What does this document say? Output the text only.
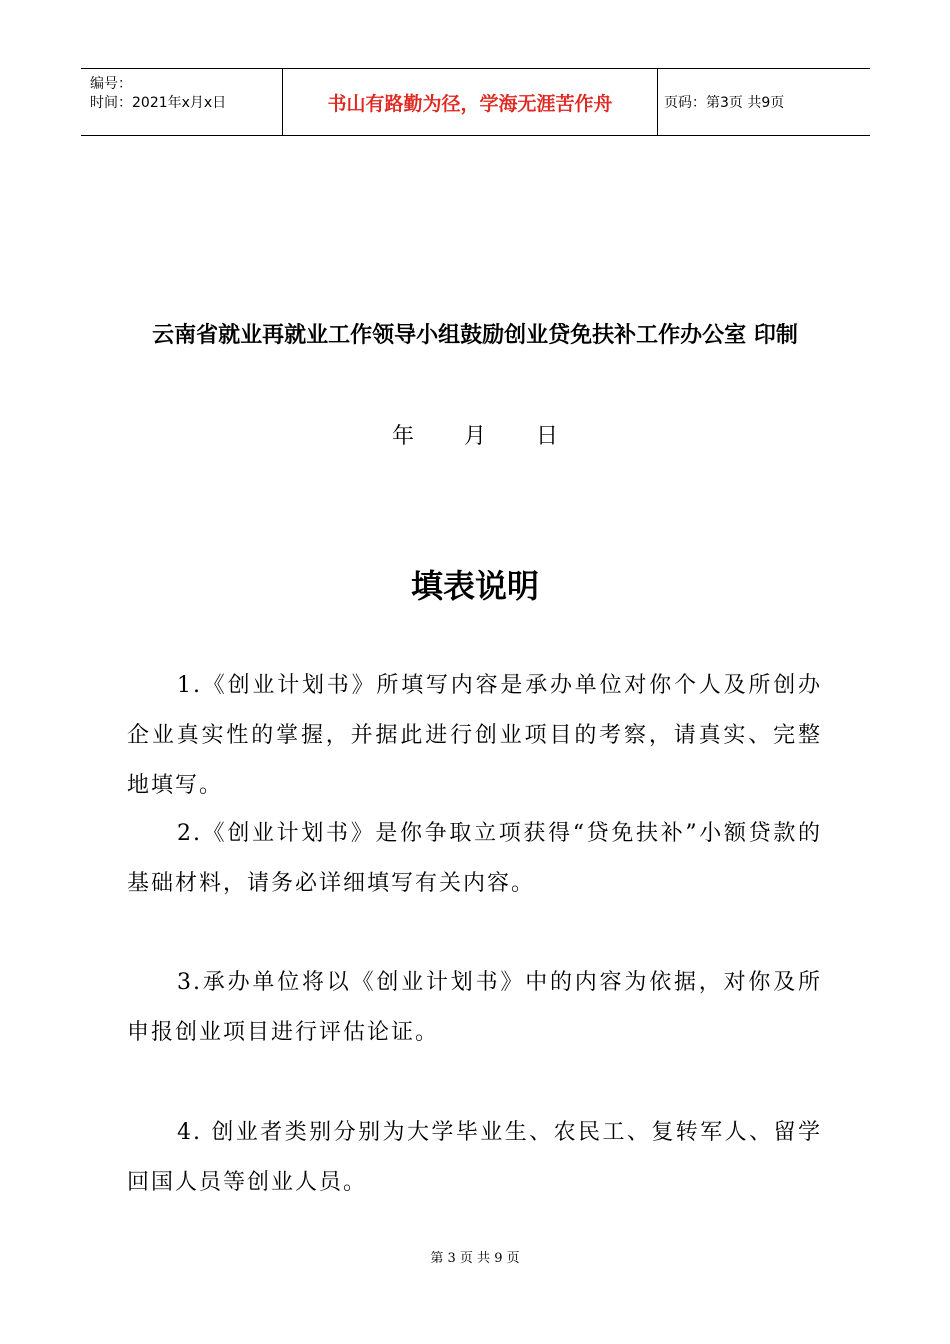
编号：
时间：2021年x月x日	书山有路勤为径，学海无涯苦作舟	页码：第3页 共9页
云南省就业再就业工作领导小组鼓励创业贷免扶补工作办公室 印制
年 月 日
填表说明
1.《创业计划书》所填写内容是承办单位对你个人及所创办企业真实性的掌握，并据此进行创业项目的考察，请真实、完整地填写。
2.《创业计划书》是你争取立项获得“贷免扶补”小额贷款的基础材料，请务必详细填写有关内容。
3.承办单位将以《创业计划书》中的内容为依据，对你及所申报创业项目进行评估论证。
4. 创业者类别分别为大学毕业生、农民工、复转军人、留学回国人员等创业人员。
第 3 页 共 9 页
